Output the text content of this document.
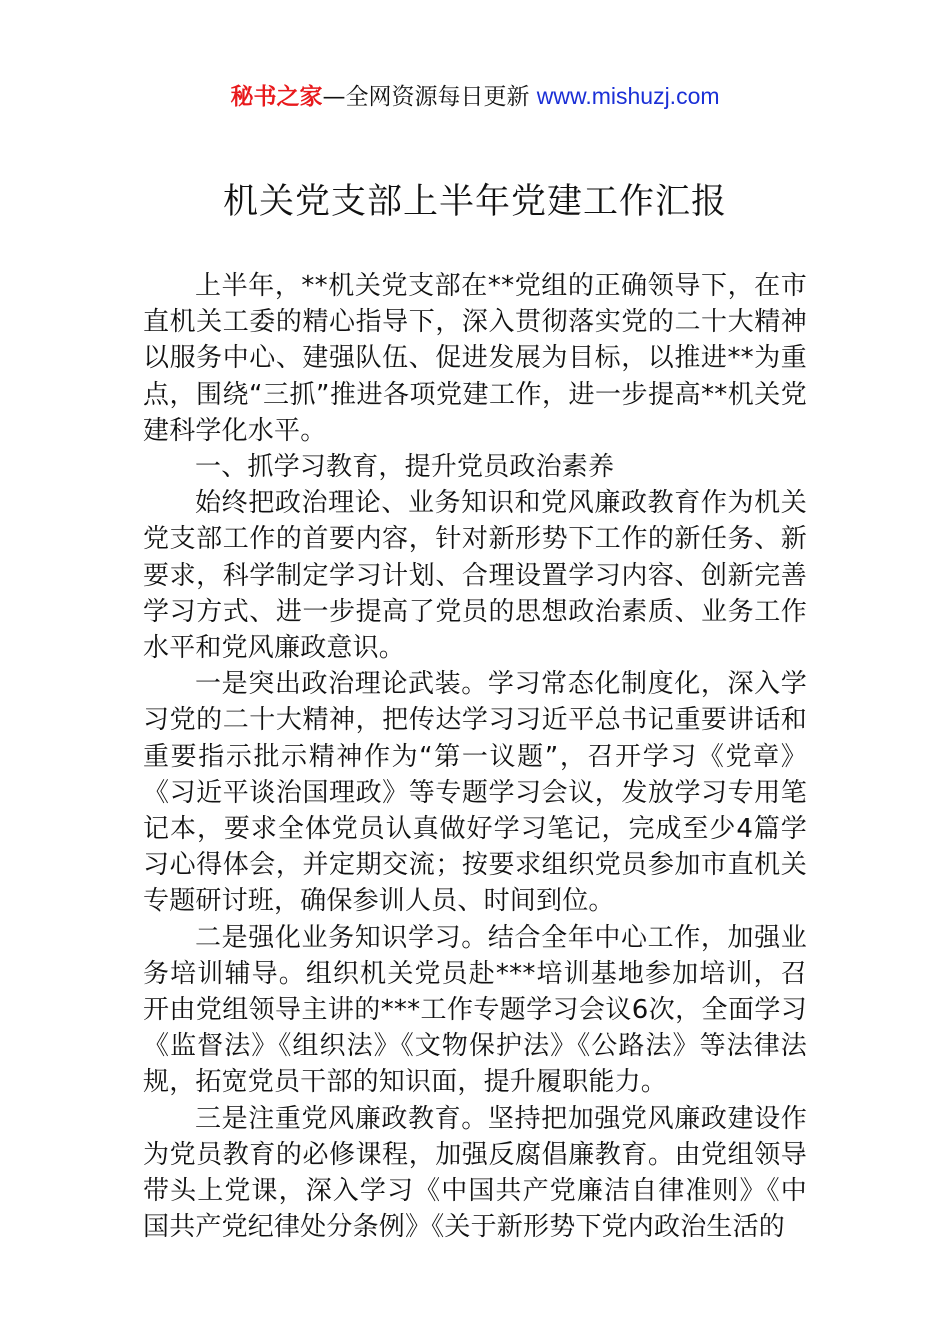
秘书之家—全网资源每日更新 www.mishuzj.com
机关党支部上半年党建工作汇报

上半年，**机关党支部在**党组的正确领导下，在市直机关工委的精心指导下，深入贯彻落实党的二十大精神以服务中心、建强队伍、促进发展为目标，以推进**为重点，围绕“三抓”推进各项党建工作，进一步提高**机关党建科学化水平。

一、抓学习教育，提升党员政治素养

始终把政治理论、业务知识和党风廉政教育作为机关党支部工作的首要内容，针对新形势下工作的新任务、新要求，科学制定学习计划、合理设置学习内容、创新完善学习方式、进一步提高了党员的思想政治素质、业务工作水平和党风廉政意识。

一是突出政治理论武装。学习常态化制度化，深入学习党的二十大精神，把传达学习习近平总书记重要讲话和重要指示批示精神作为“第一议题”，召开学习《党章》《习近平谈治国理政》等专题学习会议，发放学习专用笔记本，要求全体党员认真做好学习笔记，完成至少4篇学习心得体会，并定期交流；按要求组织党员参加市直机关专题研讨班，确保参训人员、时间到位。

二是强化业务知识学习。结合全年中心工作，加强业务培训辅导。组织机关党员赴***培训基地参加培训，召开由党组领导主讲的***工作专题学习会议6次，全面学习《监督法》《组织法》《文物保护法》《公路法》等法律法规，拓宽党员干部的知识面，提升履职能力。

三是注重党风廉政教育。坚持把加强党风廉政建设作为党员教育的必修课程，加强反腐倡廉教育。由党组领导带头上党课，深入学习《中国共产党廉洁自律准则》《中国共产党纪律处分条例》《关于新形势下党内政治生活的
